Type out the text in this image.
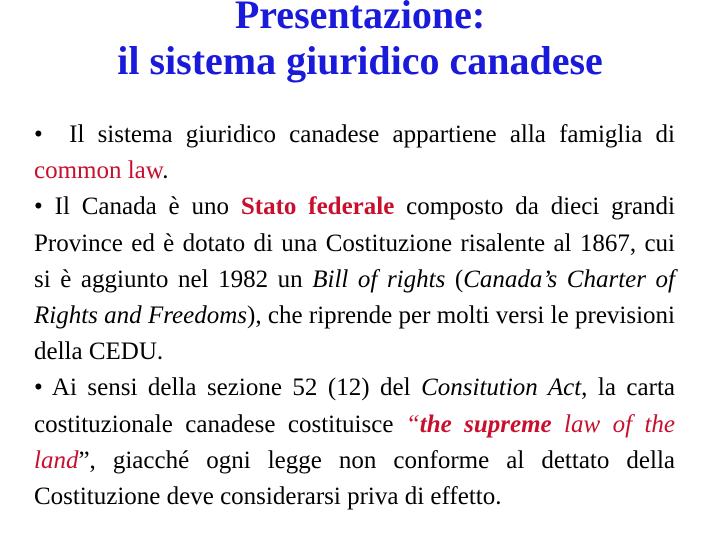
Presentazione:
il sistema giuridico canadese

• Il sistema giuridico canadese appartiene alla famiglia di common law.

• Il Canada è uno Stato federale composto da dieci grandi Province ed è dotato di una Costituzione risalente al 1867, cui si è aggiunto nel 1982 un Bill of rights (Canada’s Charter of Rights and Freedoms), che riprende per molti versi le previsioni della CEDU.

• Ai sensi della sezione 52 (12) del Consitution Act, la carta costituzionale canadese costituisce “the supreme law of the land”, giacché ogni legge non conforme al dettato della Costituzione deve considerarsi priva di effetto.
